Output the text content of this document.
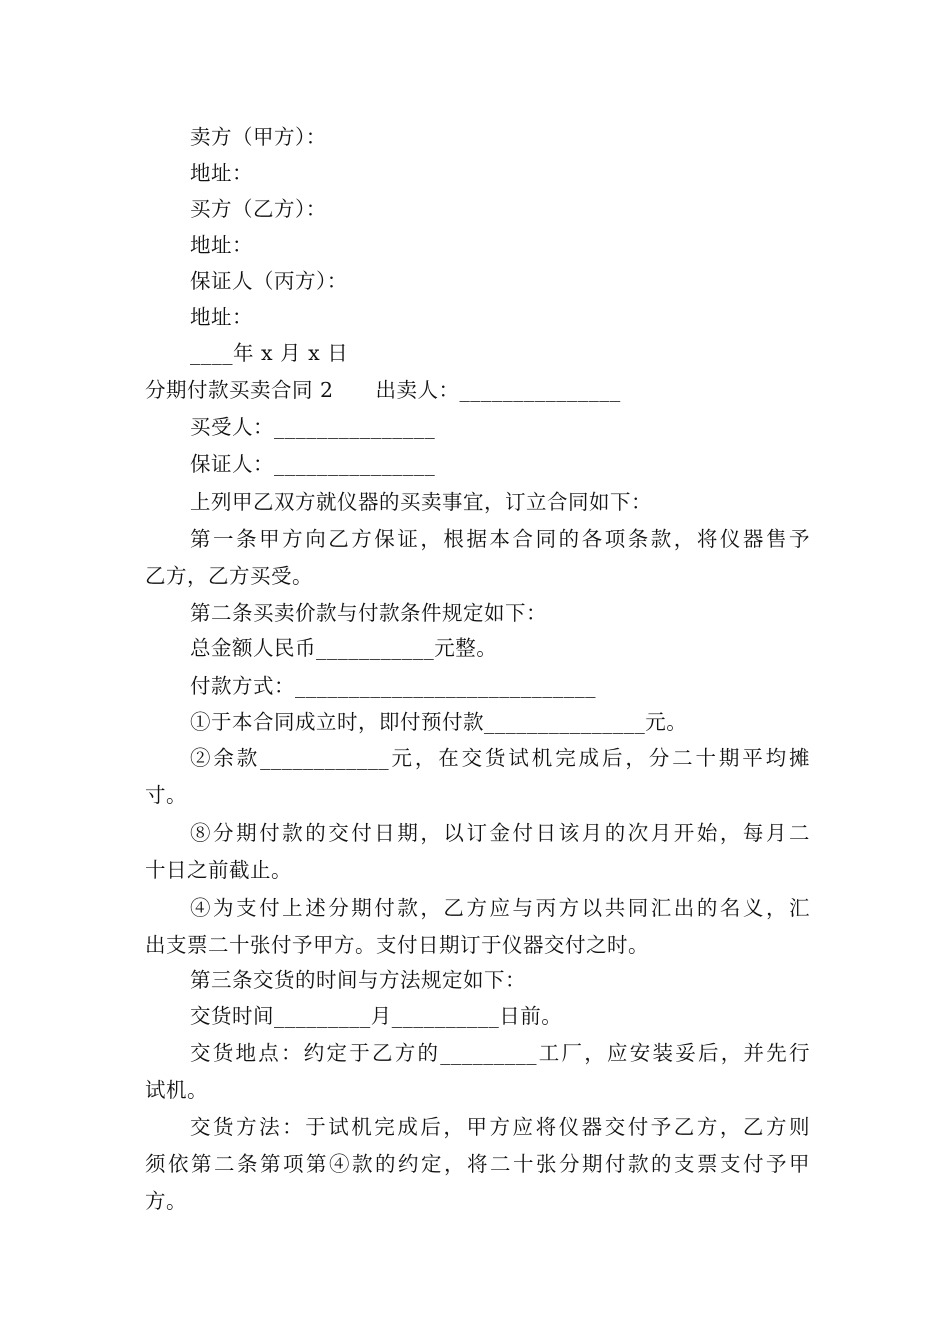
卖方（甲方）：
地址：
买方（乙方）：
地址：
保证人（丙方）：
地址：
____年 x 月 x 日
分期付款买卖合同 2　　出卖人：_______________
买受人：_______________
保证人：_______________
上列甲乙双方就仪器的买卖事宜，订立合同如下：
第一条甲方向乙方保证，根据本合同的各项条款，将仪器售予
乙方，乙方买受。
第二条买卖价款与付款条件规定如下：
总金额人民币___________元整。
付款方式：____________________________
①于本合同成立时，即付预付款_______________元。
②余款____________元，在交货试机完成后，分二十期平均摊
寸。
⑧分期付款的交付日期，以订金付日该月的次月开始，每月二
十日之前截止。
④为支付上述分期付款，乙方应与丙方以共同汇出的名义，汇
出支票二十张付予甲方。支付日期订于仪器交付之时。
第三条交货的时间与方法规定如下：
交货时间_________月__________日前。
交货地点：约定于乙方的_________工厂，应安装妥后，并先行
试机。
交货方法：于试机完成后，甲方应将仪器交付予乙方，乙方则
须依第二条第项第④款的约定，将二十张分期付款的支票支付予甲
方。
